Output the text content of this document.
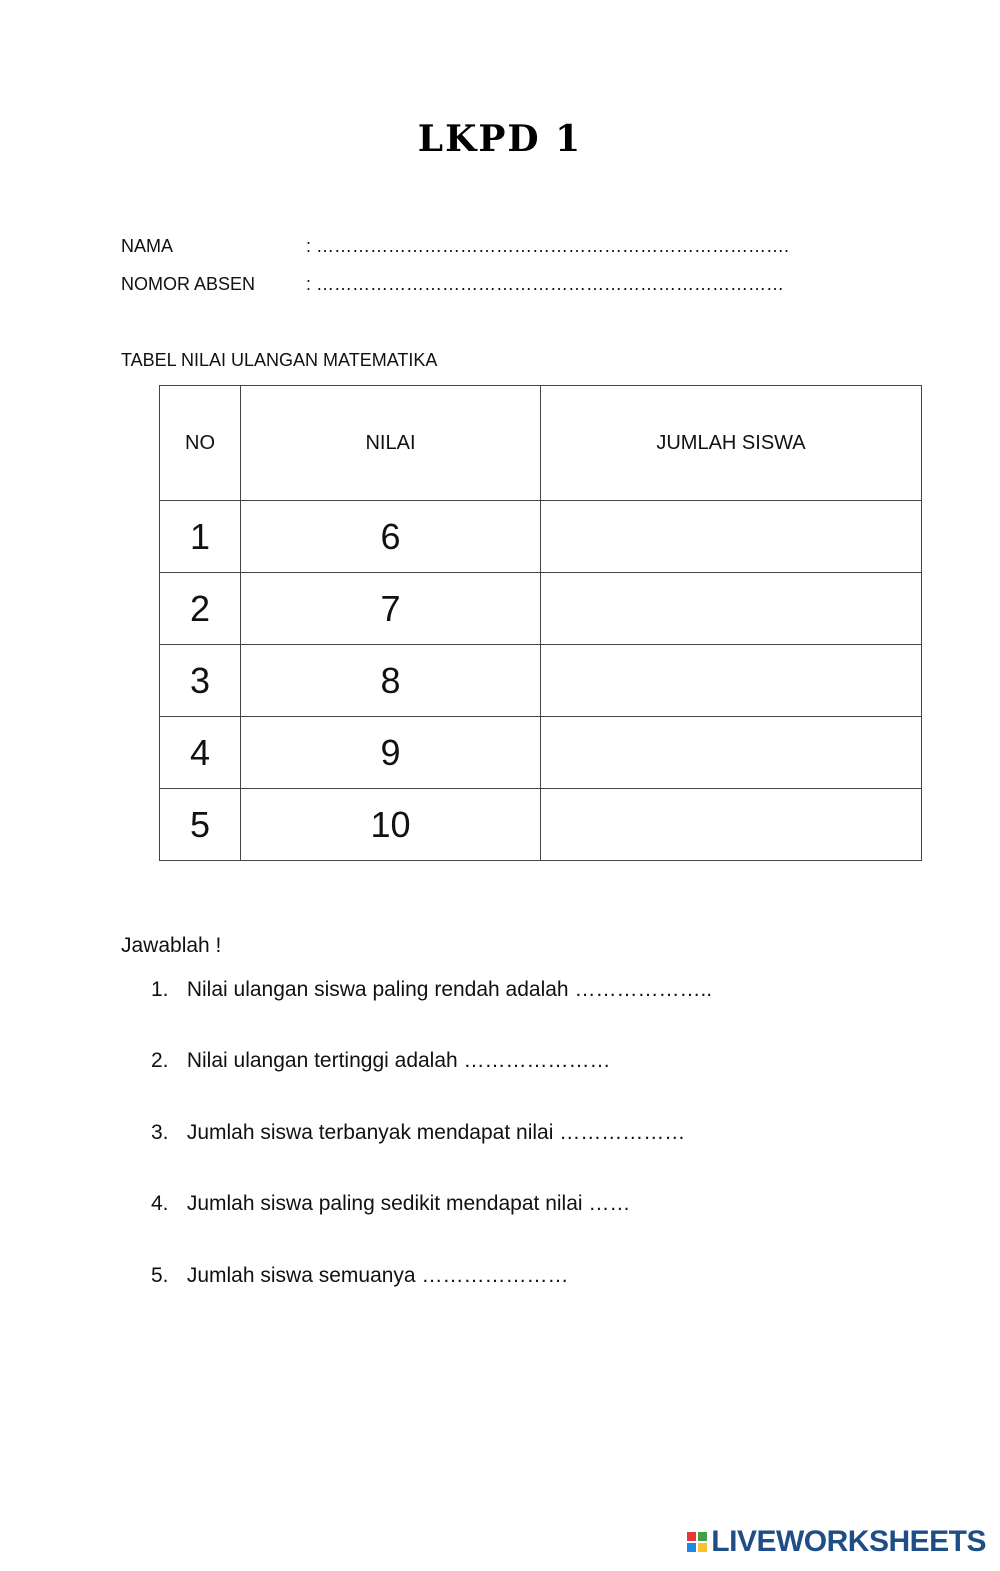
LKPD 1
NAMA	: …………………………………………………………………….
NOMOR ABSEN	: ……………………………………………………………………
TABEL NILAI ULANGAN MATEMATIKA
NO	NILAI	JUMLAH SISWA
1	6	
2	7	
3	8	
4	9	
5	10	
Jawablah !
1. Nilai ulangan siswa paling rendah adalah ………………..
2. Nilai ulangan tertinggi adalah …………………
3. Jumlah siswa terbanyak mendapat nilai ………………
4. Jumlah siswa paling sedikit mendapat nilai ……
5. Jumlah siswa semuanya …………………
LIVEWORKSHEETS
